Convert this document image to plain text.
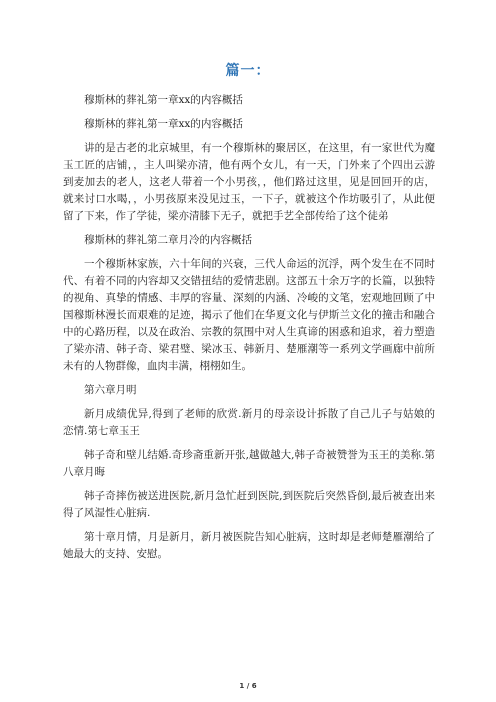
篇一：

穆斯林的葬礼第一章xx的内容概括

穆斯林的葬礼第一章xx的内容概括

讲的是古老的北京城里，有一个穆斯林的聚居区，在这里，有一家世代为魔玉工匠的店铺，，主人叫梁亦清，他有两个女儿，有一天，门外来了个四出云游到麦加去的老人，这老人带着一个小男孩，，他们路过这里，见是回回开的店，就来讨口水喝，，小男孩原来没见过玉，一下子，就被这个作坊吸引了，从此便留了下来，作了学徒，梁亦清膝下无子，就把手艺全部传给了这个徒弟

穆斯林的葬礼第二章月冷的内容概括

一个穆斯林家族，六十年间的兴衰，三代人命运的沉浮，两个发生在不同时代、有着不同的内容却又交错扭结的爱情悲剧。这部五十余万字的长篇，以独特的视角、真挚的情感、丰厚的容量、深刻的内涵、冷峻的文笔，宏观地回顾了中国穆斯林漫长而艰难的足迹，揭示了他们在华夏文化与伊斯兰文化的撞击和融合中的心路历程，以及在政治、宗教的氛围中对人生真谛的困惑和追求，着力塑造了梁亦清、韩子奇、梁君璧、梁冰玉、韩新月、楚雁潮等一系列文学画廊中前所未有的人物群像，血肉丰满，栩栩如生。

第六章月明

新月成绩优异,得到了老师的欣赏.新月的母亲设计拆散了自己儿子与姑娘的恋情.第七章玉王

韩子奇和壁儿结婚.奇珍斋重新开张,越做越大,韩子奇被赞誉为玉王的美称.第八章月晦

韩子奇摔伤被送进医院,新月急忙赶到医院,到医院后突然昏倒,最后被查出来得了风湿性心脏病.

第十章月情，月是新月，新月被医院告知心脏病，这时却是老师楚雁潮给了她最大的支持、安慰。

1 / 6
